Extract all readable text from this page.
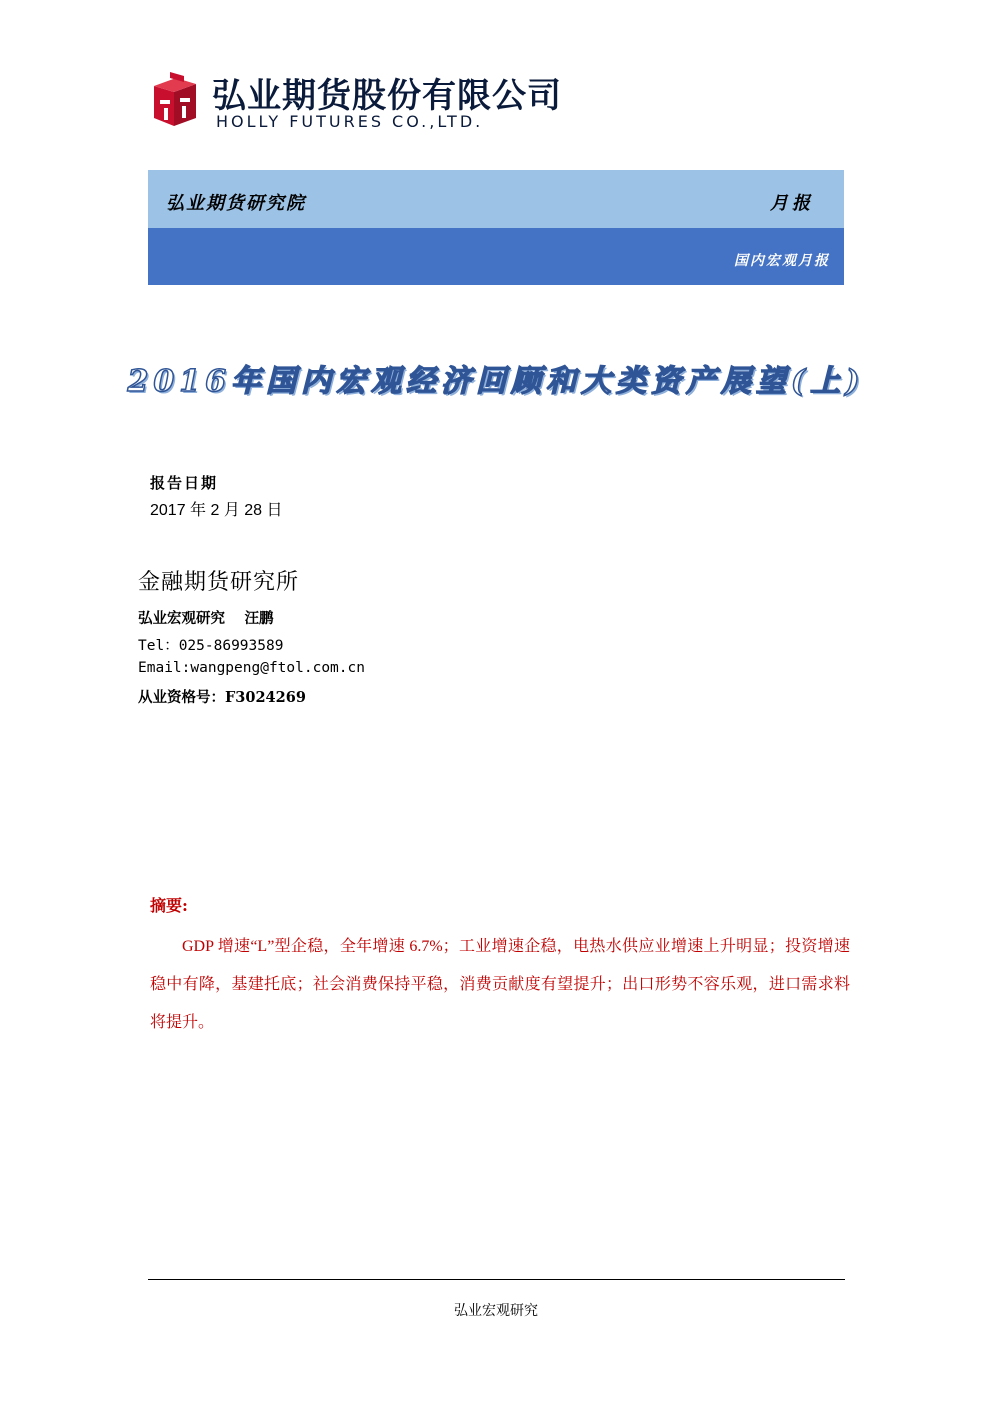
弘业期货股份有限公司
HOLLY FUTURES CO.,LTD.
弘业期货研究院	月报
国内宏观月报
2016年国内宏观经济回顾和大类资产展望(上)
报告日期
2017 年 2 月 28 日
金融期货研究所
弘业宏观研究　 汪鹏
Tel：025-86993589
Email:wangpeng@ftol.com.cn
从业资格号：F3024269
摘要:

GDP 增速“L”型企稳，全年增速 6.7%；工业增速企稳，电热水供应业增速上升明显；投资增速稳中有降，基建托底；社会消费保持平稳，消费贡献度有望提升；出口形势不容乐观，进口需求料将提升。

弘业宏观研究
